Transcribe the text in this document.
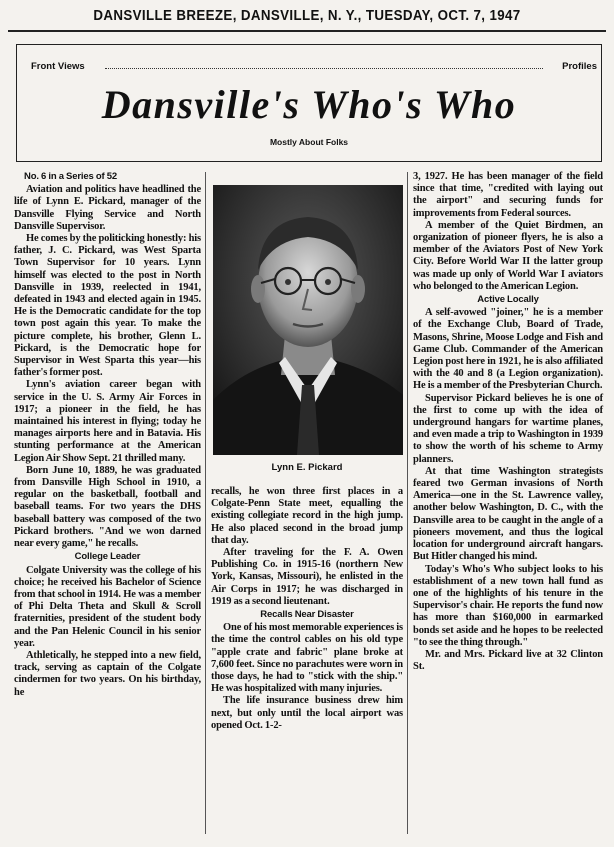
DANSVILLE BREEZE, DANSVILLE, N. Y., TUESDAY, OCT. 7, 1947
Front Views	Profiles
Dansville's Who's Who
Mostly About Folks

No. 6 in a Series of 52

Aviation and politics have headlined the life of Lynn E. Pickard, manager of the Dansville Flying Service and North Dansville Supervisor.

He comes by the politicking honestly: his father, J. C. Pickard, was West Sparta Town Supervisor for 10 years. Lynn himself was elected to the post in North Dansville in 1939, reelected in 1941, defeated in 1943 and elected again in 1945. He is the Democratic candidate for the top town post again this year. To make the picture complete, his brother, Glenn L. Pickard, is the Democratic hope for Supervisor in West Sparta this year—his father's former post.

Lynn's aviation career began with service in the U. S. Army Air Forces in 1917; a pioneer in the field, he has maintained his interest in flying; today he manages airports here and in Batavia. His stunting performance at the American Legion Air Show Sept. 21 thrilled many.

Born June 10, 1889, he was graduated from Dansville High School in 1910, a regular on the basketball, football and baseball teams. For two years the DHS baseball battery was composed of the two Pickard brothers. "And we won darned near every game," he recalls.

College Leader

Colgate University was the college of his choice; he received his Bachelor of Science from that school in 1914. He was a member of Phi Delta Theta and Skull & Scroll fraternities, president of the student body and the Pan Helenic Council in his senior year.

Athletically, he stepped into a new field, track, serving as captain of the Colgate cindermen for two years. On his birthday, he

Lynn E. Pickard

recalls, he won three first places in a Colgate-Penn State meet, equalling the existing collegiate record in the high jump. He also placed second in the broad jump that day.

After traveling for the F. A. Owen Publishing Co. in 1915-16 (northern New York, Kansas, Missouri), he enlisted in the Air Corps in 1917; he was discharged in 1919 as a second lieutenant.

Recalls Near Disaster

One of his most memorable experiences is the time the control cables on his old type "apple crate and fabric" plane broke at 7,600 feet. Since no parachutes were worn in those days, he had to "stick with the ship." He was hospitalized with many injuries.

The life insurance business drew him next, but only until the local airport was opened Oct. 1-2-

3, 1927. He has been manager of the field since that time, "credited with laying out the airport" and securing funds for improvements from Federal sources.

A member of the Quiet Birdmen, an organization of pioneer flyers, he is also a member of the Aviators Post of New York City. Before World War II the latter group was made up only of World War I aviators who belonged to the American Legion.

Active Locally

A self-avowed "joiner," he is a member of the Exchange Club, Board of Trade, Masons, Shrine, Moose Lodge and Fish and Game Club. Commander of the American Legion post here in 1921, he is also affiliated with the 40 and 8 (a Legion organization). He is a member of the Presbyterian Church.

Supervisor Pickard believes he is one of the first to come up with the idea of underground hangars for wartime planes, and even made a trip to Washington in 1939 to show the worth of his scheme to Army planners.

At that time Washington strategists feared two German invasions of North America—one in the St. Lawrence valley, another below Washington, D. C., with the Dansville area to be caught in the angle of a pioneers movement, and thus the logical location for underground aircraft hangars. But Hitler changed his mind.

Today's Who's Who subject looks to his establishment of a new town hall fund as one of the highlights of his tenure in the Supervisor's chair. He reports the fund now has more than $160,000 in earmarked bonds set aside and he hopes to be reelected "to see the thing through."

Mr. and Mrs. Pickard live at 32 Clinton St.
